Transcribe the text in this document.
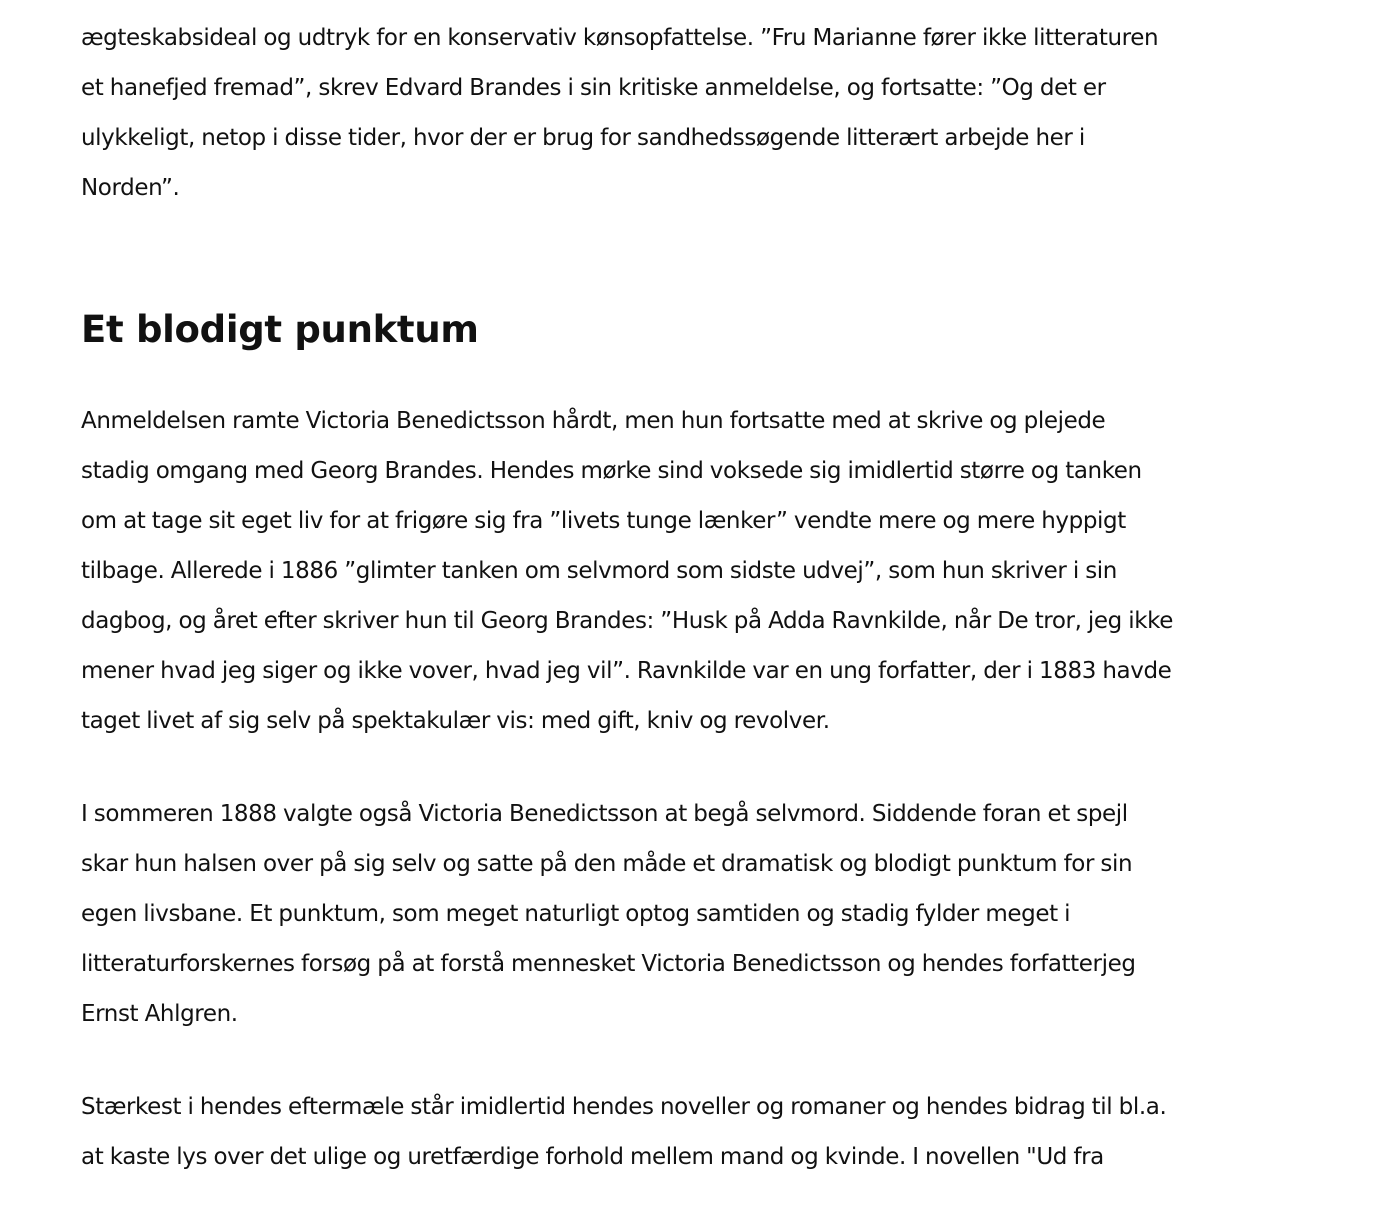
ægteskabsideal og udtryk for en konservativ kønsopfattelse. ”Fru Marianne fører ikke litteraturen
et hanefjed fremad”, skrev Edvard Brandes i sin kritiske anmeldelse, og fortsatte: ”Og det er
ulykkeligt, netop i disse tider, hvor der er brug for sandhedssøgende litterært arbejde her i
Norden”.

Et blodigt punktum

Anmeldelsen ramte Victoria Benedictsson hårdt, men hun fortsatte med at skrive og plejede
stadig omgang med Georg Brandes. Hendes mørke sind voksede sig imidlertid større og tanken
om at tage sit eget liv for at frigøre sig fra ”livets tunge lænker” vendte mere og mere hyppigt
tilbage. Allerede i 1886 ”glimter tanken om selvmord som sidste udvej”, som hun skriver i sin
dagbog, og året efter skriver hun til Georg Brandes: ”Husk på Adda Ravnkilde, når De tror, jeg ikke
mener hvad jeg siger og ikke vover, hvad jeg vil”. Ravnkilde var en ung forfatter, der i 1883 havde
taget livet af sig selv på spektakulær vis: med gift, kniv og revolver.

I sommeren 1888 valgte også Victoria Benedictsson at begå selvmord. Siddende foran et spejl
skar hun halsen over på sig selv og satte på den måde et dramatisk og blodigt punktum for sin
egen livsbane. Et punktum, som meget naturligt optog samtiden og stadig fylder meget i
litteraturforskernes forsøg på at forstå mennesket Victoria Benedictsson og hendes forfatterjeg
Ernst Ahlgren.

Stærkest i hendes eftermæle står imidlertid hendes noveller og romaner og hendes bidrag til bl.a.
at kaste lys over det ulige og uretfærdige forhold mellem mand og kvinde. I novellen "Ud fra
